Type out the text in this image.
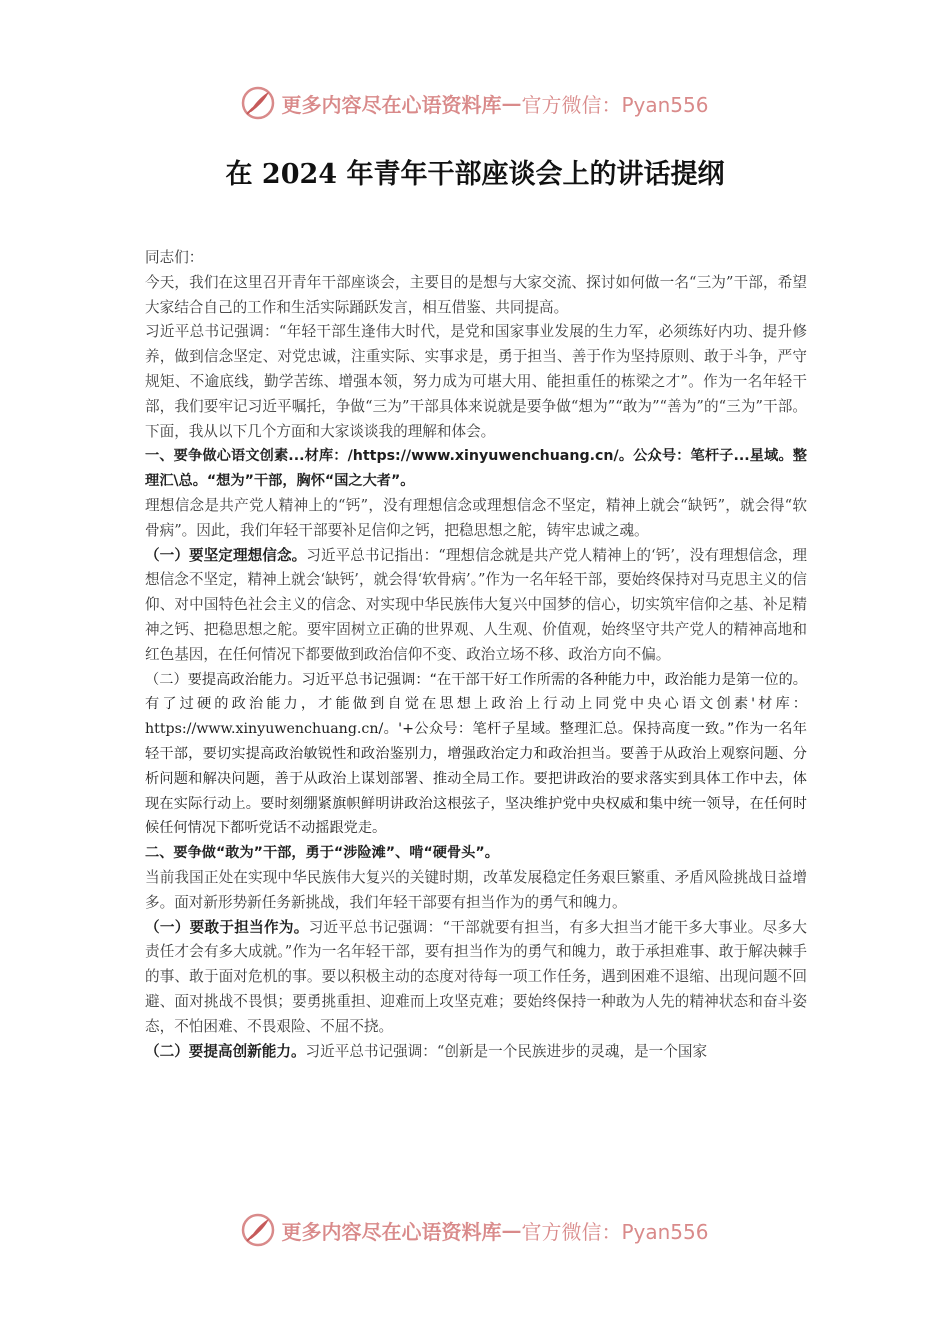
更多内容尽在心语资料库 — 官方微信：Pyan556
在 2024 年青年干部座谈会上的讲话提纲

同志们：

今天，我们在这里召开青年干部座谈会，主要目的是想与大家交流、探讨如何做一名“三为”干部，希望大家结合自己的工作和生活实际踊跃发言，相互借鉴、共同提高。

习近平总书记强调：“年轻干部生逢伟大时代，是党和国家事业发展的生力军，必须练好内功、提升修养，做到信念坚定、对党忠诚，注重实际、实事求是，勇于担当、善于作为坚持原则、敢于斗争，严守规矩、不逾底线，勤学苦练、增强本领，努力成为可堪大用、能担重任的栋梁之才”。作为一名年轻干部，我们要牢记习近平嘱托，争做“三为”干部具体来说就是要争做“想为”“敢为”“善为”的“三为”干部。下面，我从以下几个方面和大家谈谈我的理解和体会。

一、要争做心语文创素...材库：/https://www.xinyuwenchuang.cn/。公众号：笔杆子...星域。整理汇\总。“想为”干部，胸怀“国之大者”。

理想信念是共产党人精神上的“钙”，没有理想信念或理想信念不坚定，精神上就会“缺钙”，就会得“软骨病”。因此，我们年轻干部要补足信仰之钙，把稳思想之舵，铸牢忠诚之魂。

（一）要坚定理想信念。习近平总书记指出：“理想信念就是共产党人精神上的‘钙’，没有理想信念，理想信念不坚定，精神上就会‘缺钙’，就会得‘软骨病’。”作为一名年轻干部，要始终保持对马克思主义的信仰、对中国特色社会主义的信念、对实现中华民族伟大复兴中国梦的信心，切实筑牢信仰之基、补足精神之钙、把稳思想之舵。要牢固树立正确的世界观、人生观、价值观，始终坚守共产党人的精神高地和红色基因，在任何情况下都要做到政治信仰不变、政治立场不移、政治方向不偏。

（二）要提高政治能力。习近平总书记强调：“在干部干好工作所需的各种能力中，政治能力是第一位的。有了过硬的政治能力，才能做到自觉在思想上政治上行动上同党中央心语文创素'材库：https://www.xinyuwenchuang.cn/。'+公众号：笔杆子星域。整理汇总。保持高度一致。”作为一名年轻干部，要切实提高政治敏锐性和政治鉴别力，增强政治定力和政治担当。要善于从政治上观察问题、分析问题和解决问题，善于从政治上谋划部署、推动全局工作。要把讲政治的要求落实到具体工作中去，体现在实际行动上。要时刻绷紧旗帜鲜明讲政治这根弦子，坚决维护党中央权威和集中统一领导，在任何时候任何情况下都听党话不动摇跟党走。

二、要争做“敢为”干部，勇于“涉险滩”、啃“硬骨头”。

当前我国正处在实现中华民族伟大复兴的关键时期，改革发展稳定任务艰巨繁重、矛盾风险挑战日益增多。面对新形势新任务新挑战，我们年轻干部要有担当作为的勇气和魄力。

（一）要敢于担当作为。习近平总书记强调：“干部就要有担当，有多大担当才能干多大事业。尽多大责任才会有多大成就。”作为一名年轻干部，要有担当作为的勇气和魄力，敢于承担难事、敢于解决棘手的事、敢于面对危机的事。要以积极主动的态度对待每一项工作任务，遇到困难不退缩、出现问题不回避、面对挑战不畏惧；要勇挑重担、迎难而上攻坚克难；要始终保持一种敢为人先的精神状态和奋斗姿态，不怕困难、不畏艰险、不屈不挠。

（二）要提高创新能力。习近平总书记强调：“创新是一个民族进步的灵魂，是一个国家

更多内容尽在心语资料库 — 官方微信：Pyan556
